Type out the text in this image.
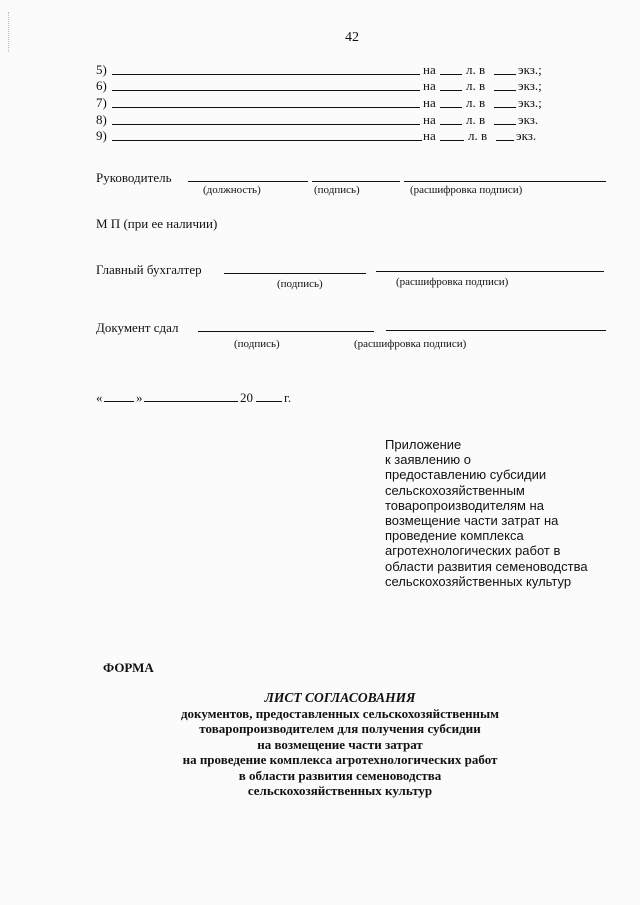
42
5)	на л. в	экз.;
6)	на л. в	экз.;
7)	на л. в	экз.;
8)	на л. в	экз.
9)	на л. в экз.
Руководитель
(должность)	(подпись)	(расшифровка подписи)
М П (при ее наличии)
Главный бухгалтер
(подпись)	(расшифровка подписи)
Документ сдал
(подпись)	(расшифровка подписи)
«	»	20 г.
Приложение
к заявлению о
предоставлению субсидии
сельскохозяйственным
товаропроизводителям на
возмещение части затрат на
проведение комплекса
агротехнологических работ в
области развития семеноводства
сельскохозяйственных культур
ФОРМА
ЛИСТ СОГЛАСОВАНИЯ
документов, предоставленных сельскохозяйственным
товаропроизводителем для получения субсидии
на возмещение части затрат
на проведение комплекса агротехнологических работ
в области развития семеноводства
сельскохозяйственных культур
